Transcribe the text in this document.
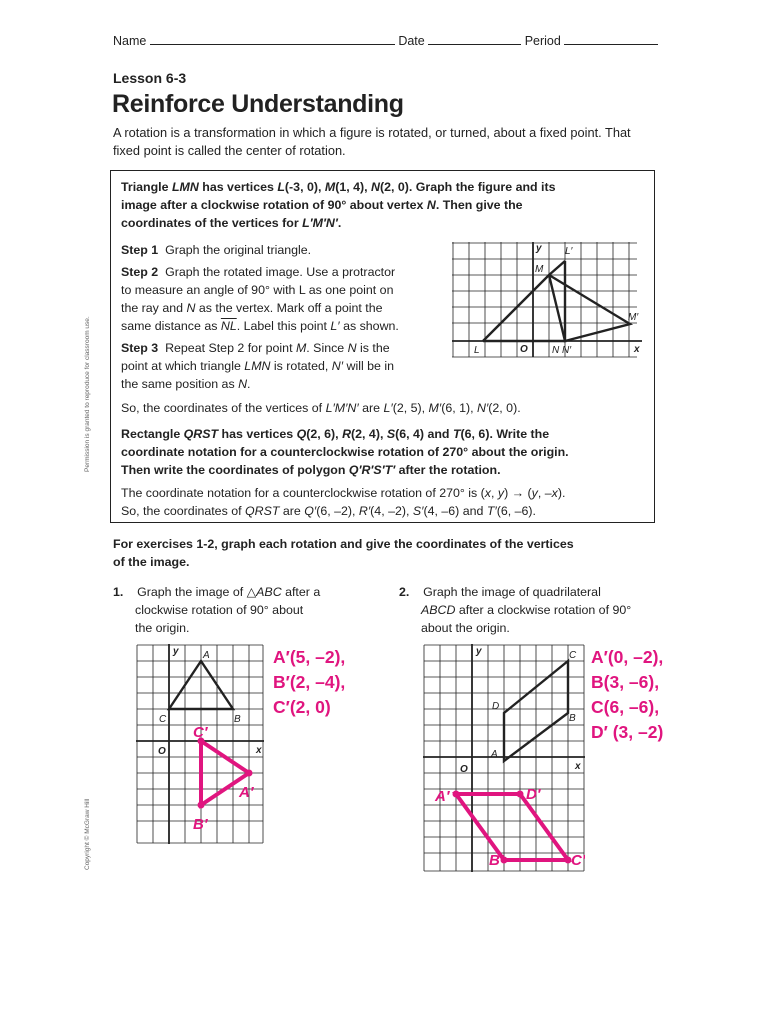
Name	Date	Period
Lesson 6-3
Reinforce Understanding
A rotation is a transformation in which a figure is rotated, or turned, about a fixed point. That fixed point is called the center of rotation.
Permission is granted to reproduce for classroom use.
Copyright © McGraw Hill
Triangle LMN has vertices L(-3, 0), M(1, 4), N(2, 0). Graph the figure and its
image after a clockwise rotation of 90° about vertex N. Then give the
coordinates of the vertices for L′M′N′.
Step 1 Graph the original triangle.
Step 2 Graph the rotated image. Use a protractor
to measure an angle of 90° with L as one point on
the ray and N as the vertex. Mark off a point the
same distance as $\overline{NL}$. Label this point L′ as shown.
Step 3 Repeat Step 2 for point M. Since N is the
point at which triangle LMN is rotated, N′ will be in
the same position as N.
So, the coordinates of the vertices of L′M′N′ are L′(2, 5), M′(6, 1), N′(2, 0).
y
x
O
L
M
N N′
L′
M′
Rectangle QRST has vertices Q(2, 6), R(2, 4), S(6, 4) and T(6, 6). Write the
coordinate notation for a counterclockwise rotation of 270° about the origin.
Then write the coordinates of polygon Q′R′S′T′ after the rotation.
The coordinate notation for a counterclockwise rotation of 270° is (x, y) → (y, –x).
So, the coordinates of QRST are Q′(6, –2), R′(4, –2), S′(4, –6) and T′(6, –6).
For exercises 1-2, graph each rotation and give the coordinates of the vertices
of the image.
1. Graph the image of △ABC after a
clockwise rotation of 90° about
the origin.
y
x
O
A
C	B
C′
A′
B′
A′(5, –2),
B′(2, –4),
C′(2, 0)
2. Graph the image of quadrilateral
ABCD after a clockwise rotation of 90°
about the origin.
y
x
O
A
B
C
D
A′	D′
B′	C′
A′(0, –2),
B(3, –6),
C(6, –6),
D′ (3, –2)
